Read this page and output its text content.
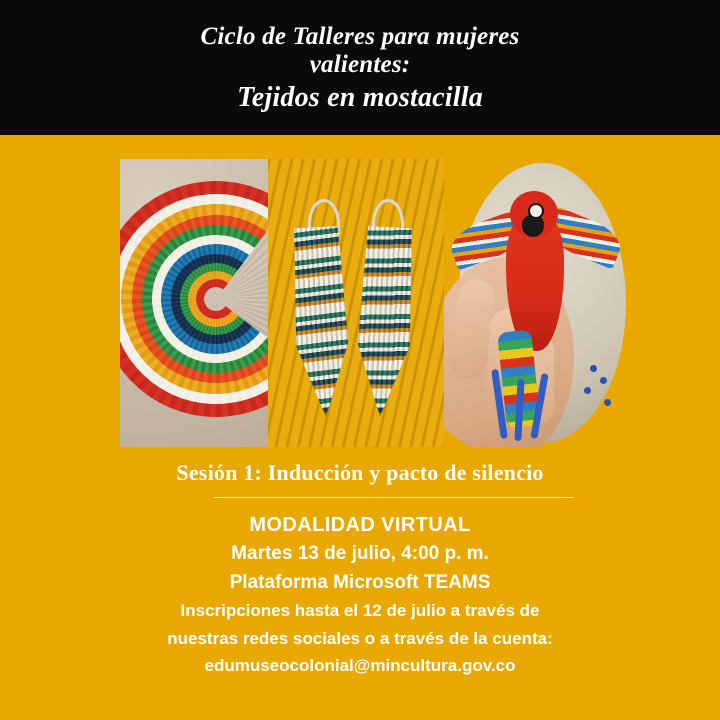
Ciclo de Talleres para mujeres
valientes:
Tejidos en mostacilla
Sesión 1: Inducción y pacto de silencio
MODALIDAD VIRTUAL
Martes 13 de julio, 4:00 p. m.
Plataforma Microsoft TEAMS
Inscripciones hasta el 12 de julio a través de
nuestras redes sociales o a través de la cuenta:
edumuseocolonial@mincultura.gov.co
